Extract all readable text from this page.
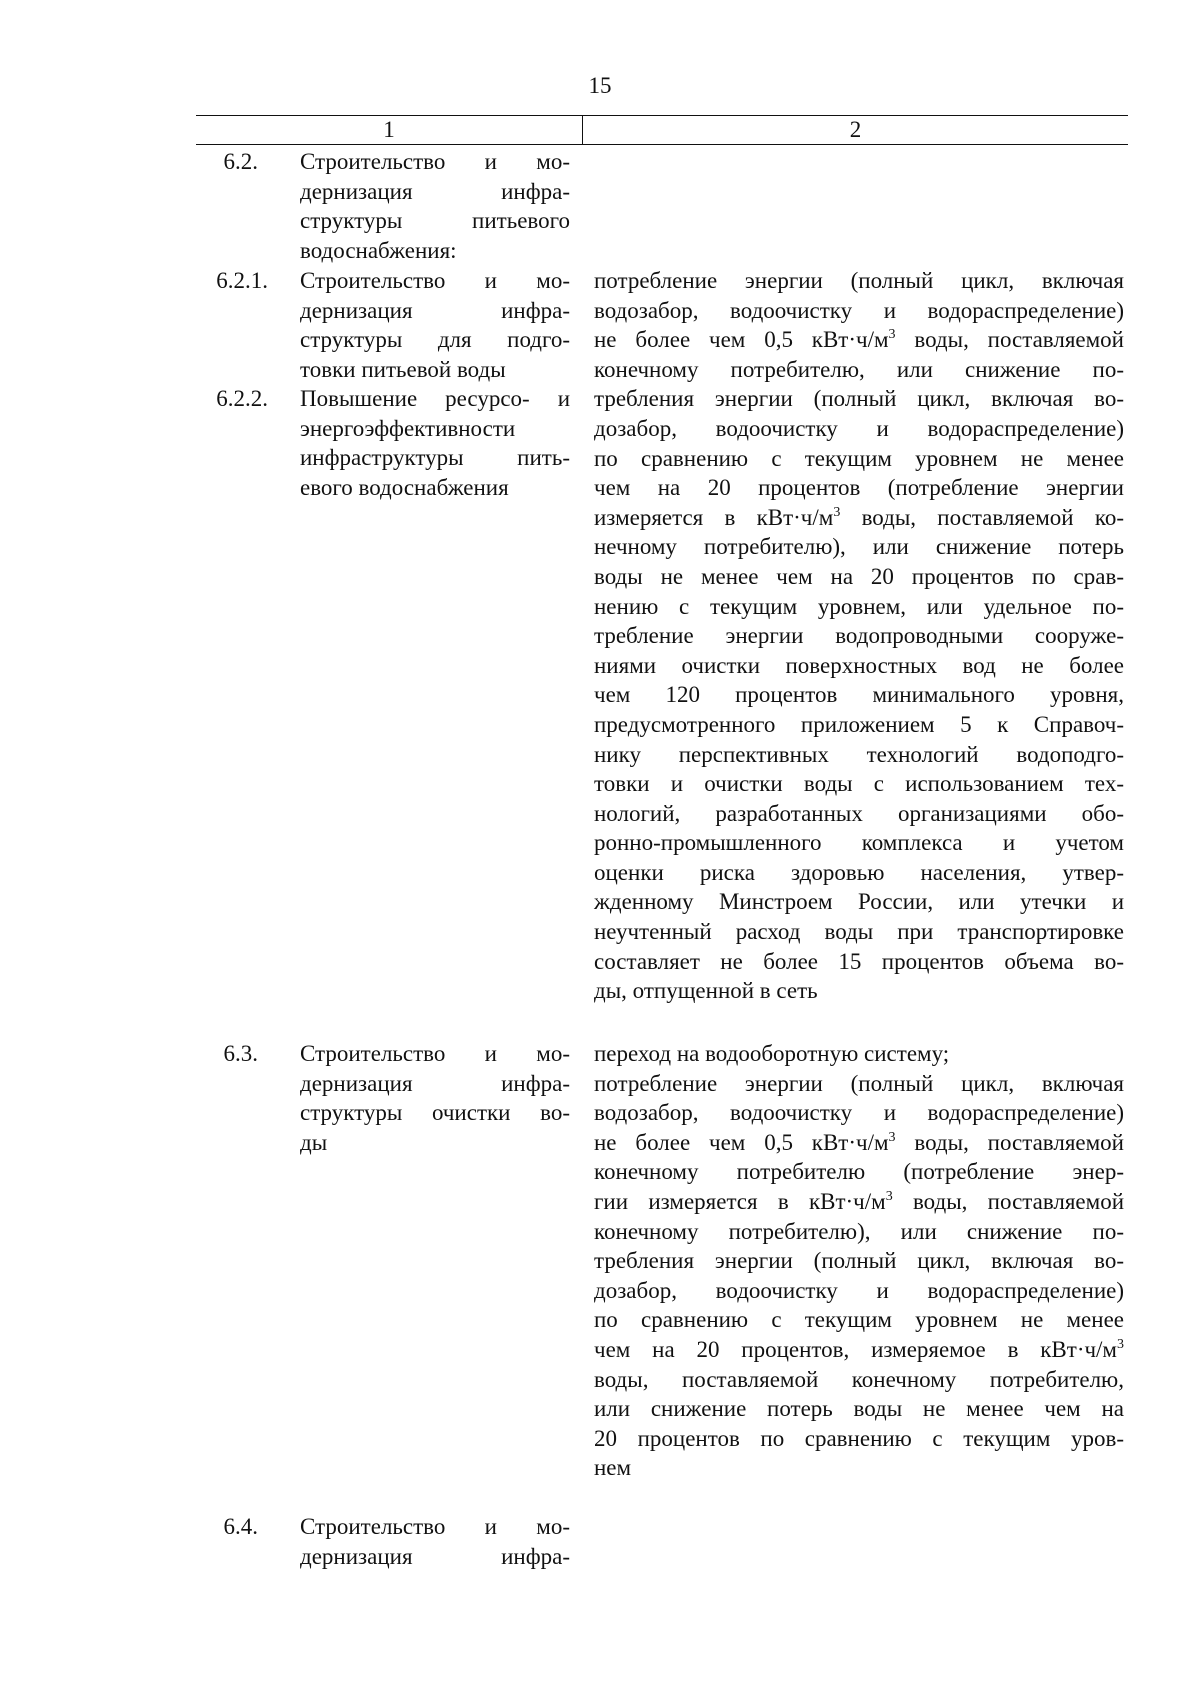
15
1	2
6.2. Строительство и мо-
дернизация инфра-
структуры питьевого
водоснабжения:
6.2.1. Строительство и мо-
дернизация инфра-
структуры для подго-
товки питьевой воды
6.2.2. Повышение ресурсо- и
энергоэффективности
инфраструктуры пить-
евого водоснабжения
потребление энергии (полный цикл, включая
водозабор, водоочистку и водораспределение)
не более чем 0,5 $кВт\cdot ч/м^3$ воды, поставляемой
конечному потребителю, или снижение по-
требления энергии (полный цикл, включая во-
дозабор, водоочистку и водораспределение)
по сравнению с текущим уровнем не менее
чем на 20 процентов (потребление энергии
измеряется в $кВт\cdot ч/м^3$ воды, поставляемой ко-
нечному потребителю), или снижение потерь
воды не менее чем на 20 процентов по срав-
нению с текущим уровнем, или удельное по-
требление энергии водопроводными сооруже-
ниями очистки поверхностных вод не более
чем 120 процентов минимального уровня,
предусмотренного приложением 5 к Справоч-
нику перспективных технологий водоподго-
товки и очистки воды с использованием тех-
нологий, разработанных организациями обо-
ронно-промышленного комплекса и учетом
оценки риска здоровью населения, утвер-
жденному Минстроем России, или утечки и
неучтенный расход воды при транспортировке
составляет не более 15 процентов объема во-
ды, отпущенной в сеть
6.3. Строительство и мо-
дернизация инфра-
структуры очистки во-
ды
переход на водооборотную систему;
потребление энергии (полный цикл, включая
водозабор, водоочистку и водораспределение)
не более чем 0,5 $кВт\cdot ч/м^3$ воды, поставляемой
конечному потребителю (потребление энер-
гии измеряется в $кВт\cdot ч/м^3$ воды, поставляемой
конечному потребителю), или снижение по-
требления энергии (полный цикл, включая во-
дозабор, водоочистку и водораспределение)
по сравнению с текущим уровнем не менее
чем на 20 процентов, измеряемое в $кВт\cdot ч/м^3$
воды, поставляемой конечному потребителю,
или снижение потерь воды не менее чем на
20 процентов по сравнению с текущим уров-
нем
6.4. Строительство и мо-
дернизация инфра-
